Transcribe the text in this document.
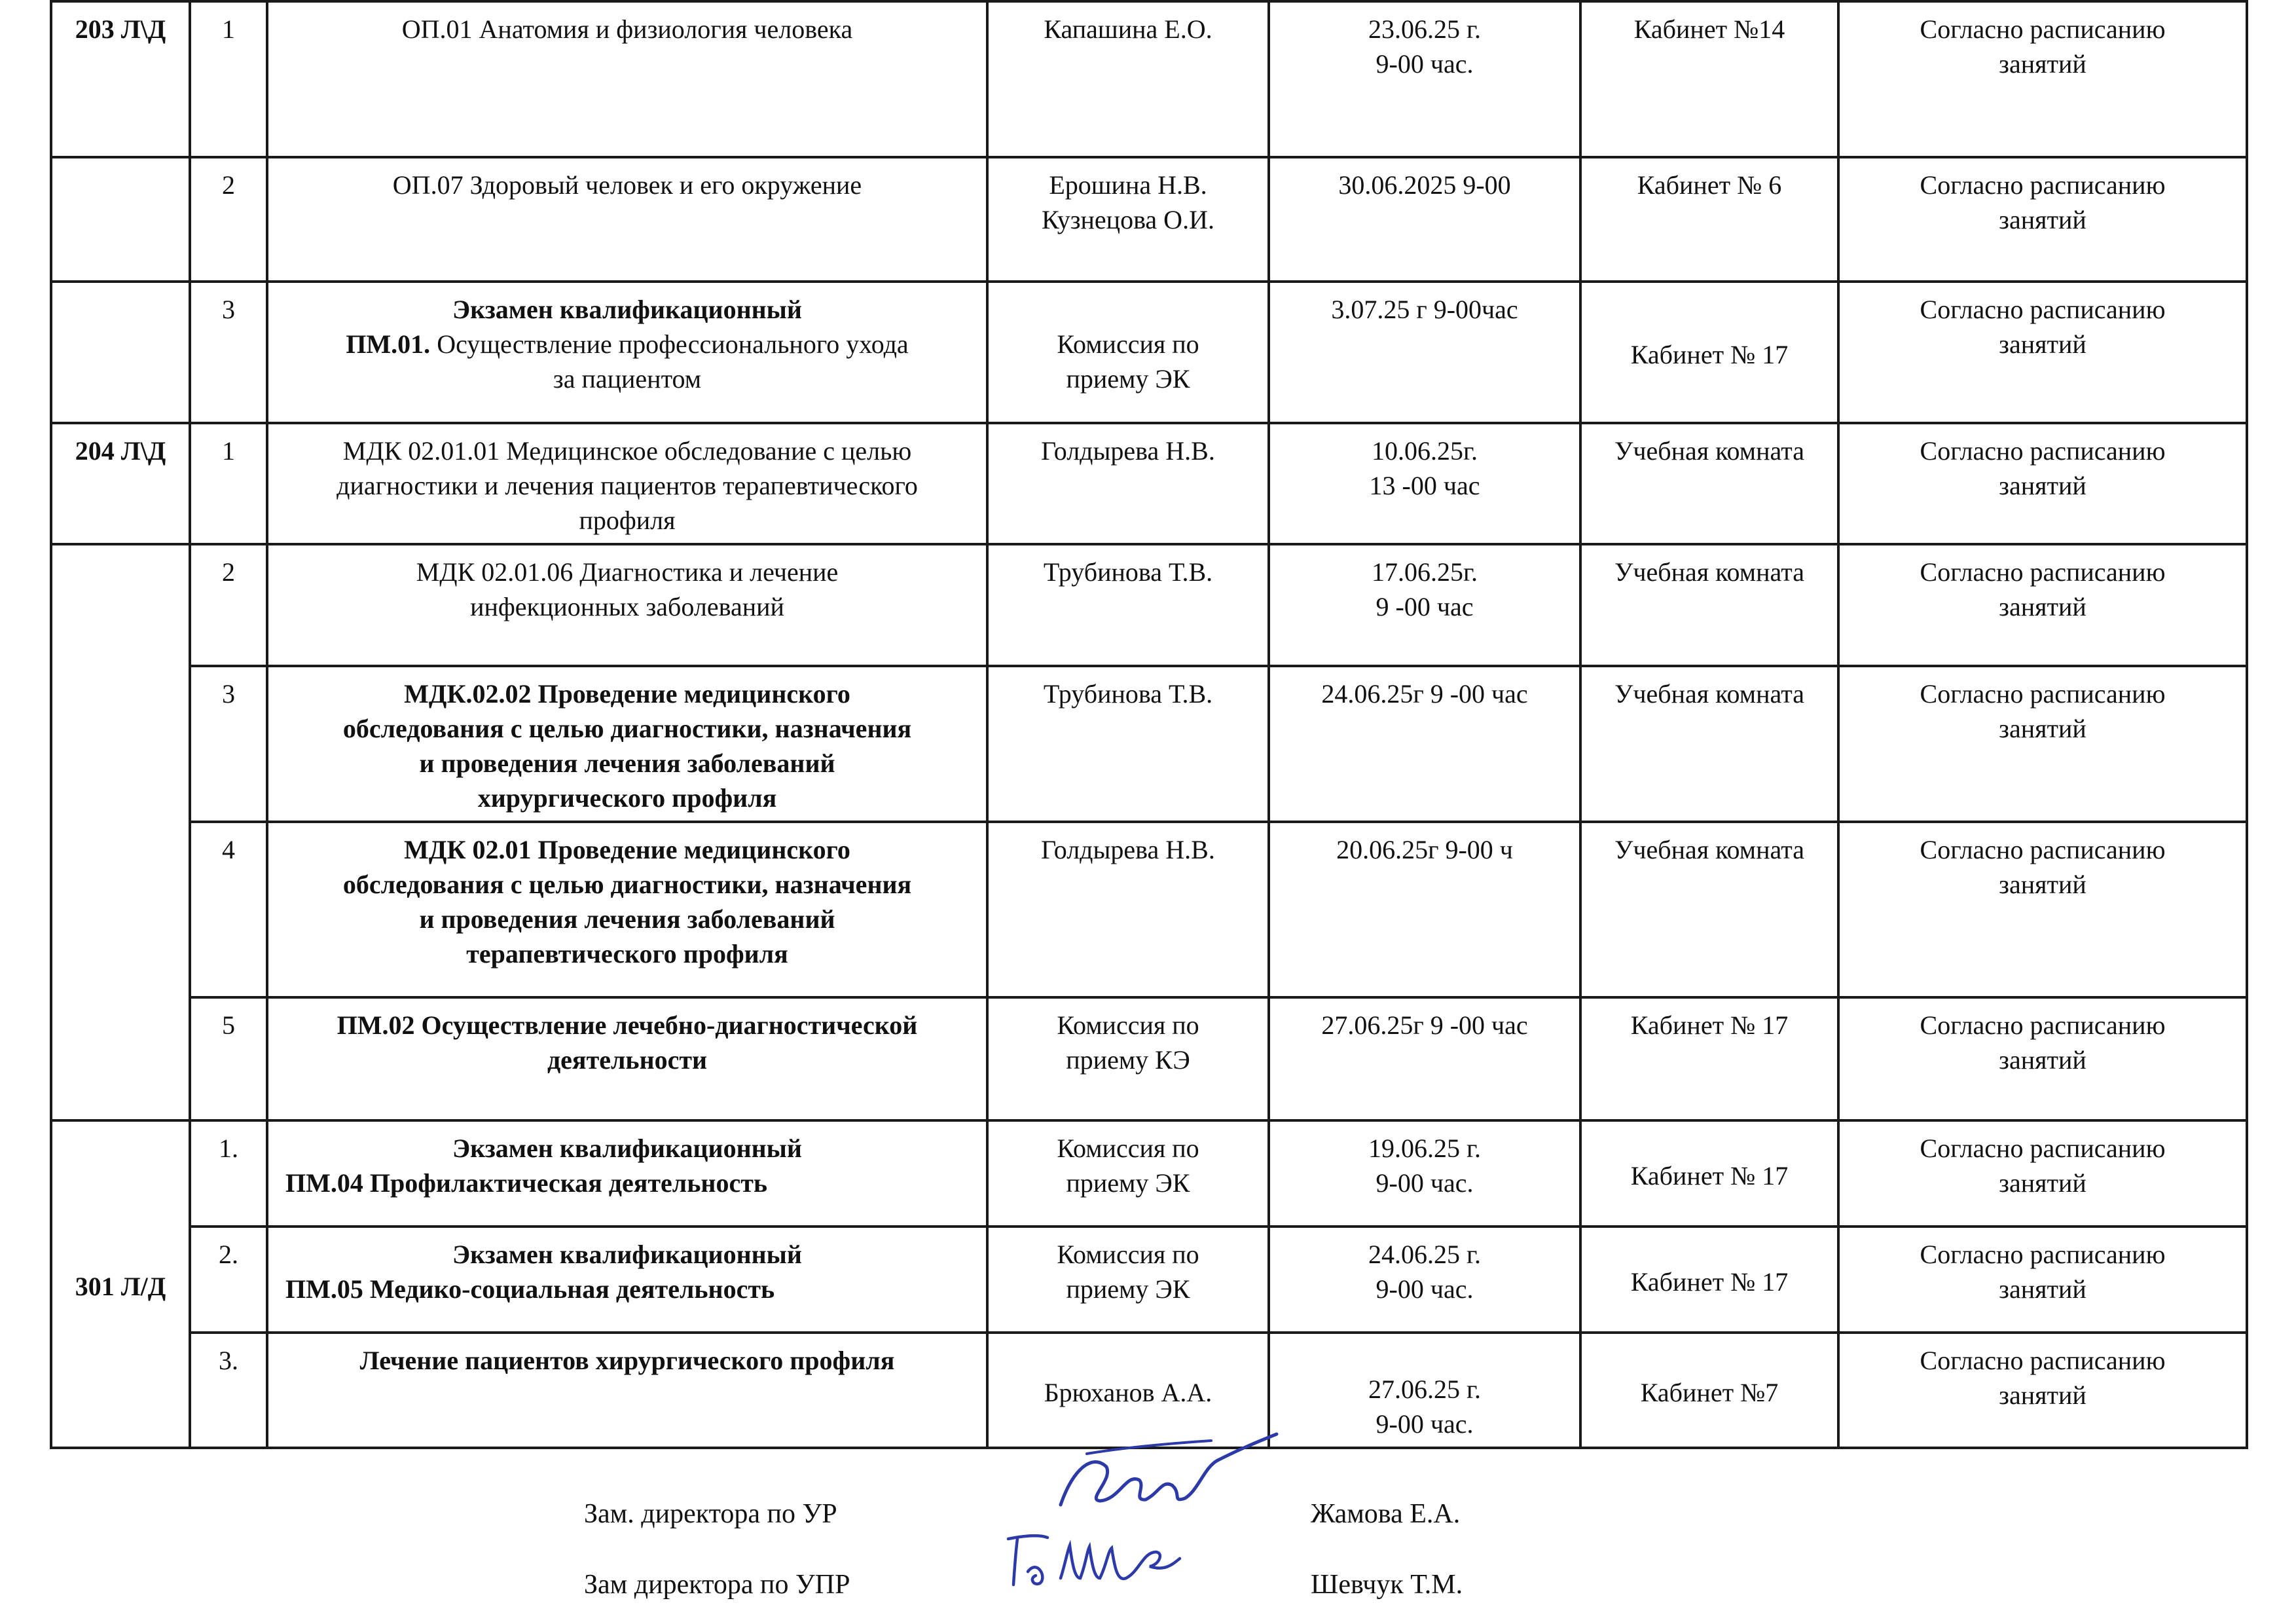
203 Л\Д	1	ОП.01 Анатомия и физиология человека	Капашина Е.О.	23.06.25 г.
9-00 час.	Кабинет №14	Согласно расписанию
занятий

	2	ОП.07 Здоровый человек и его окружение	Ерошина Н.В.
Кузнецова О.И.	30.06.2025 9-00	Кабинет № 6	Согласно расписанию
занятий

	3	Экзамен квалификационный
ПМ.01. Осуществление профессионального ухода
за пациентом	Комиссия по
приему ЭК	3.07.25 г 9-00час	Кабинет № 17	Согласно расписанию
занятий

204 Л\Д	1	МДК 02.01.01 Медицинское обследование с целью
диагностики и лечения пациентов терапевтического
профиля	Голдырева Н.В.	10.06.25г.
13 -00 час	Учебная комната	Согласно расписанию
занятий

	2	МДК 02.01.06 Диагностика и лечение
инфекционных заболеваний	Трубинова Т.В.	17.06.25г.
9 -00 час	Учебная комната	Согласно расписанию
занятий

	3	МДК.02.02 Проведение медицинского
обследования с целью диагностики, назначения
и проведения лечения заболеваний
хирургического профиля	Трубинова Т.В.	24.06.25г 9 -00 час	Учебная комната	Согласно расписанию
занятий

	4	МДК 02.01 Проведение медицинского
обследования с целью диагностики, назначения
и проведения лечения заболеваний
терапевтического профиля	Голдырева Н.В.	20.06.25г 9-00 ч	Учебная комната	Согласно расписанию
занятий

	5	ПМ.02 Осуществление лечебно-диагностической
деятельности	Комиссия по
приему КЭ	27.06.25г 9 -00 час	Кабинет № 17	Согласно расписанию
занятий

301 Л/Д	1.	Экзамен квалификационный
ПМ.04 Профилактическая деятельность	Комиссия по
приему ЭК	19.06.25 г.
9-00 час.	Кабинет № 17	Согласно расписанию
занятий

	2.	Экзамен квалификационный
ПМ.05 Медико-социальная деятельность	Комиссия по
приему ЭК	24.06.25 г.
9-00 час.	Кабинет № 17	Согласно расписанию
занятий

	3.	Лечение пациентов хирургического профиля	Брюханов А.А.	27.06.25 г.
9-00 час.	Кабинет №7	Согласно расписанию
занятий
Зам. директора по УР	Жамова Е.А.
Зам директора по УПР	Шевчук Т.М.
